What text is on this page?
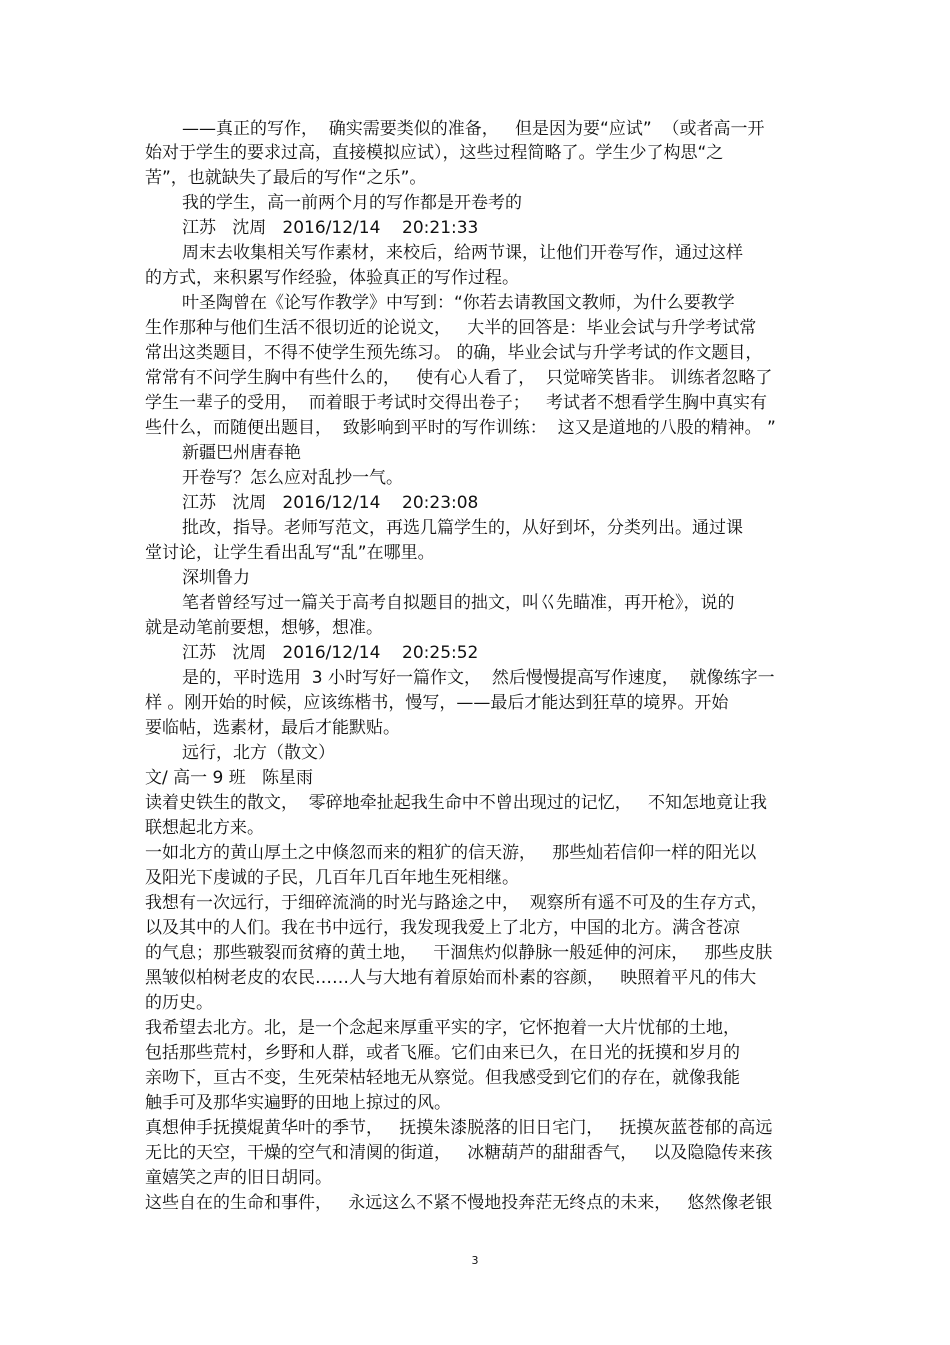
——真正的写作，  确实需要类似的准备，   但是因为要“应试”  （或者高一开
始对于学生的要求过高，直接模拟应试），这些过程简略了。学生少了构思“之
苦”，也就缺失了最后的写作“之乐”。
我的学生，高一前两个月的写作都是开卷考的
江苏   沈周   2016/12/14    20:21:33
周末去收集相关写作素材，来校后，给两节课，让他们开卷写作，通过这样
的方式，来积累写作经验，体验真正的写作过程。
叶圣陶曾在《论写作教学》中写到：“你若去请教国文教师，为什么要教学
生作那种与他们生活不很切近的论说文，   大半的回答是：毕业会试与升学考试常
常出这类题目，不得不使学生预先练习。 的确，毕业会试与升学考试的作文题目，
常常有不问学生胸中有些什么的，   使有心人看了，  只觉啼笑皆非。 训练者忽略了
学生一辈子的受用，  而着眼于考试时交得出卷子；   考试者不想看学生胸中真实有
些什么，而随便出题目，  致影响到平时的写作训练：  这又是道地的八股的精神。 ”
新疆巴州唐春艳
开卷写？怎么应对乱抄一气。
江苏   沈周   2016/12/14    20:23:08
批改，指导。老师写范文，再选几篇学生的，从好到坏，分类列出。通过课
堂讨论，让学生看出乱写“乱”在哪里。
深圳鲁力
笔者曾经写过一篇关于高考自拟题目的拙文，叫巜先瞄准，再开枪》，说的
就是动笔前要想，想够，想准。
江苏   沈周   2016/12/14    20:25:52
是的，平时选用  3 小时写好一篇作文，  然后慢慢提高写作速度，  就像练字一
样 。刚开始的时候，应该练楷书，慢写，——最后才能达到狂草的境界。开始
要临帖，选素材，最后才能默贴。
远行，北方（散文）
文/ 高一 9 班   陈星雨
读着史铁生的散文，  零碎地牵扯起我生命中不曾出现过的记忆，   不知怎地竟让我
联想起北方来。
一如北方的黄山厚土之中倏忽而来的粗犷的信天游，   那些灿若信仰一样的阳光以
及阳光下虔诚的子民，几百年几百年地生死相继。
我想有一次远行，于细碎流淌的时光与路途之中，  观察所有遥不可及的生存方式，
以及其中的人们。我在书中远行，我发现我爱上了北方，中国的北方。满含苍凉
的气息；那些皲裂而贫瘠的黄土地，   干涸焦灼似静脉一般延伸的河床，   那些皮肤
黑皱似柏树老皮的农民……人与大地有着原始而朴素的容颜，   映照着平凡的伟大
的历史。
我希望去北方。北，是一个念起来厚重平实的字，它怀抱着一大片忧郁的土地，
包括那些荒村，乡野和人群，或者飞雁。它们由来已久，在日光的抚摸和岁月的
亲吻下，亘古不变，生死荣枯轻地无从察觉。但我感受到它们的存在，就像我能
触手可及那华实遍野的田地上掠过的风。
真想伸手抚摸焜黄华叶的季节，   抚摸朱漆脱落的旧日宅门，   抚摸灰蓝苍郁的高远
无比的天空，干燥的空气和清阒的街道，   冰糖葫芦的甜甜香气，   以及隐隐传来孩
童嬉笑之声的旧日胡同。
这些自在的生命和事件，   永远这么不紧不慢地投奔茫无终点的未来，   悠然像老银
3
